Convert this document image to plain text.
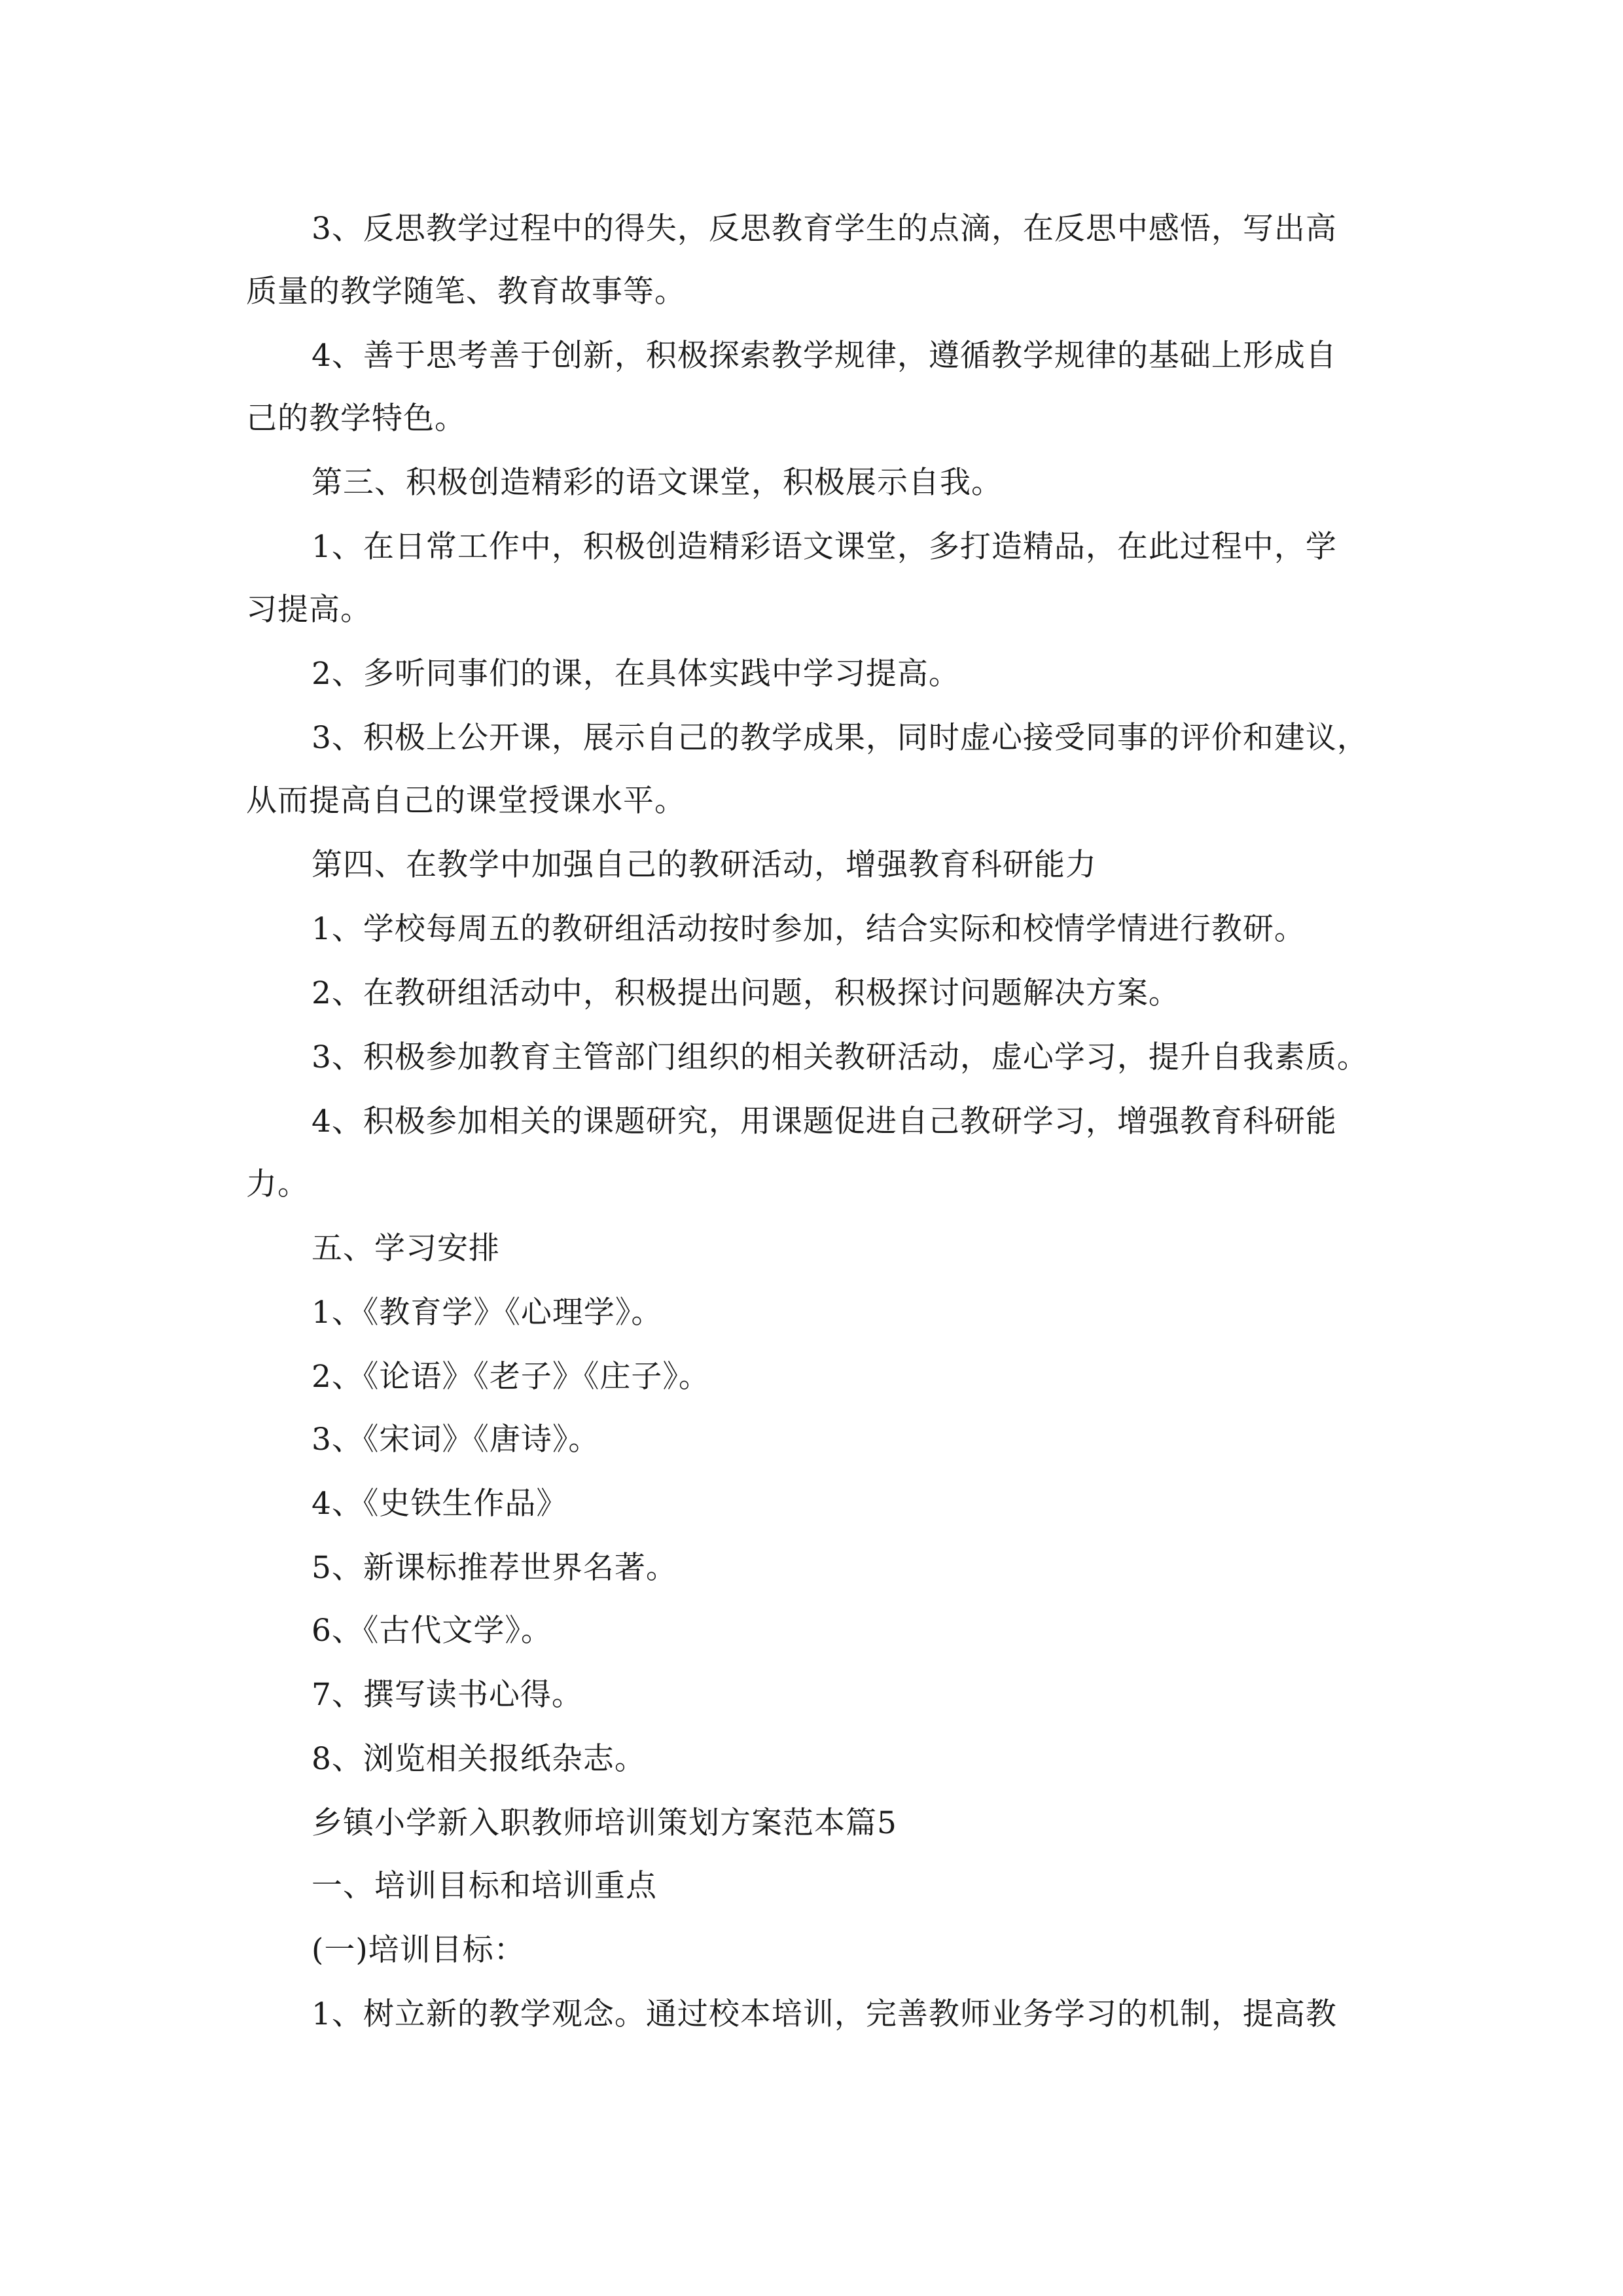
3、反思教学过程中的得失，反思教育学生的点滴，在反思中感悟，写出高
质量的教学随笔、教育故事等。
4、善于思考善于创新，积极探索教学规律，遵循教学规律的基础上形成自
己的教学特色。
第三、积极创造精彩的语文课堂，积极展示自我。
1、在日常工作中，积极创造精彩语文课堂，多打造精品，在此过程中，学
习提高。
2、多听同事们的课，在具体实践中学习提高。
3、积极上公开课，展示自己的教学成果，同时虚心接受同事的评价和建议，
从而提高自己的课堂授课水平。
第四、在教学中加强自己的教研活动，增强教育科研能力
1、学校每周五的教研组活动按时参加，结合实际和校情学情进行教研。
2、在教研组活动中，积极提出问题，积极探讨问题解决方案。
3、积极参加教育主管部门组织的相关教研活动，虚心学习，提升自我素质。
4、积极参加相关的课题研究，用课题促进自己教研学习，增强教育科研能
力。
五、学习安排
1、《教育学》《心理学》。
2、《论语》《老子》《庄子》。
3、《宋词》《唐诗》。
4、《史铁生作品》
5、新课标推荐世界名著。
6、《古代文学》。
7、撰写读书心得。
8、浏览相关报纸杂志。
乡镇小学新入职教师培训策划方案范本篇5
一、培训目标和培训重点
(一)培训目标：
1、树立新的教学观念。通过校本培训，完善教师业务学习的机制，提高教
